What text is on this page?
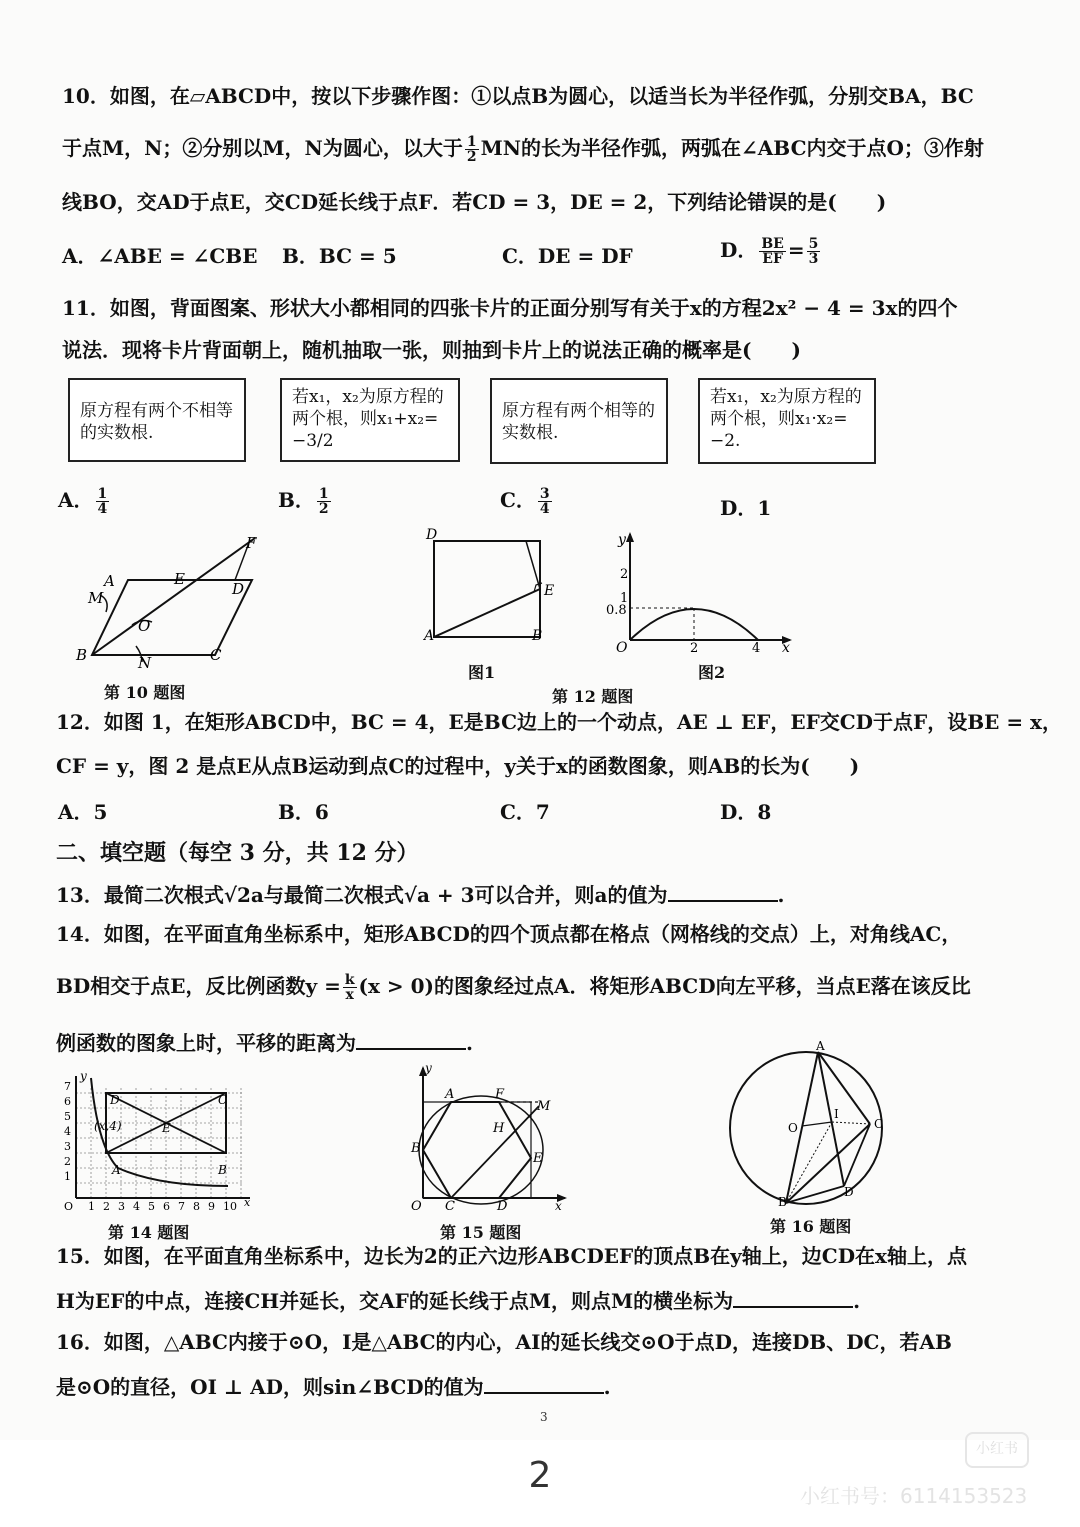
10．如图，在▱ABCD中，按以下步骤作图：①以点B为圆心，以适当长为半径作弧，分别交BA，BC
于点M，N；②分别以M，N为圆心，以大于 $\frac{1}{2}$ MN的长为半径作弧，两弧在∠ABC内交于点O；③作射
线BO，交AD于点E，交CD延长线于点F．若CD = 3，DE = 2，下列结论错误的是(　　)
A．∠ABE = ∠CBE B．BC = 5	C．DE = DF	D． $\frac{BE}{EF} = \frac{5}{3}$
11．如图，背面图案、形状大小都相同的四张卡片的正面分别写有关于x的方程2x² − 4 = 3x的四个
说法．现将卡片背面朝上，随机抽取一张，则抽到卡片上的说法正确的概率是(　　)
原方程有两个不相等的实数根.
若x₁，x₂为原方程的两个根，则x₁+x₂= −3/2
原方程有两个相等的实数根.
若x₁，x₂为原方程的两个根，则x₁·x₂= −2.
A． $\frac{1}{4}$	B． $\frac{1}{2}$	C． $\frac{3}{4}$	D．1
A	E
F
M	D
O
B	N	C
第 10 题图
D
E
A	B
图1
y
2
1
0.8
O	2	4 x
图2
第 12 题图
12．如图 1，在矩形ABCD中，BC = 4，E是BC边上的一个动点，AE ⊥ EF，EF交CD于点F，设BE = x，
CF = y，图 2 是点E从点B运动到点C的过程中，y关于x的函数图象，则AB的长为(　　)
A．5	B．6	C．7	D．8
二、填空题（每空 3 分，共 12 分）
13．最简二次根式√2a与最简二次根式√a + 3可以合并，则a的值为	.
14．如图，在平面直角坐标系中，矩形ABCD的四个顶点都在格点（网格线的交点）上，对角线AC，
BD相交于点E，反比例函数$y = \frac{k}{x} (x > 0)$的图象经过点A．将矩形ABCD向左平移，当点E落在该反比
例函数的图象上时，平移的距离为	.
y
7
6
5
4
3
2
1
O 1 2 3 4 5 6 7 8 9 10 x
D	C
E
A	B
(x,4)
第 14 题图
y
A	F
M
H
B
E
O C	D	x
第 15 题图
A
O
I
C
B
D
第 16 题图
15．如图，在平面直角坐标系中，边长为2的正六边形ABCDEF的顶点B在y轴上，边CD在x轴上，点
H为EF的中点，连接CH并延长，交AF的延长线于点M，则点M的横坐标为	.
16．如图，△ABC内接于⊙O，I是△ABC的内心，AI的延长线交⊙O于点D，连接DB、DC，若AB
是⊙O的直径，OI ⊥ AD，则sin∠BCD的值为	.
3
小红书
2	小红书号：6114153523
